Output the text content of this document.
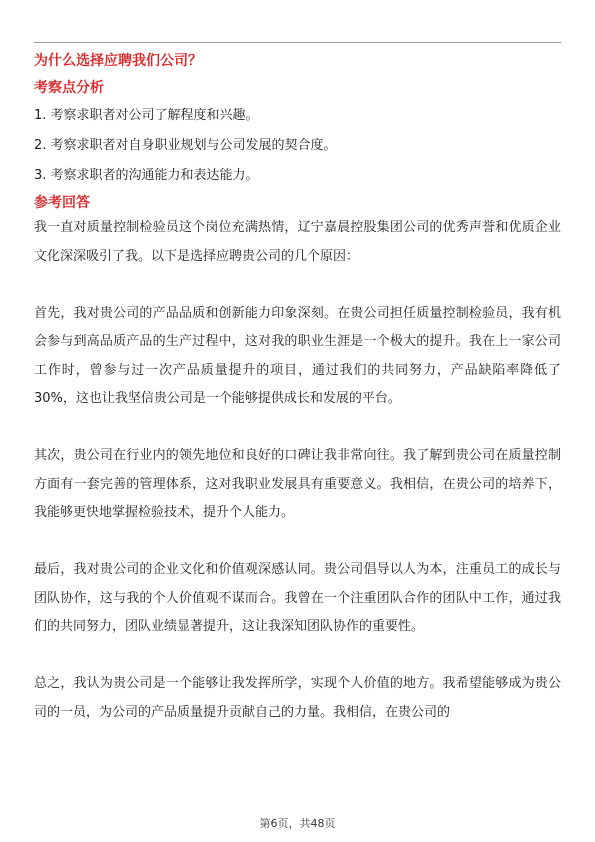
为什么选择应聘我们公司？
考察点分析
1. 考察求职者对公司了解程度和兴趣。
2. 考察求职者对自身职业规划与公司发展的契合度。
3. 考察求职者的沟通能力和表达能力。
参考回答
我一直对质量控制检验员这个岗位充满热情，辽宁嘉晨控股集团公司的优秀声誉和优质企业文化深深吸引了我。以下是选择应聘贵公司的几个原因：
首先，我对贵公司的产品品质和创新能力印象深刻。在贵公司担任质量控制检验员，我有机会参与到高品质产品的生产过程中，这对我的职业生涯是一个极大的提升。我在上一家公司工作时，曾参与过一次产品质量提升的项目，通过我们的共同努力，产品缺陷率降低了30%，这也让我坚信贵公司是一个能够提供成长和发展的平台。
其次，贵公司在行业内的领先地位和良好的口碑让我非常向往。我了解到贵公司在质量控制方面有一套完善的管理体系，这对我职业发展具有重要意义。我相信，在贵公司的培养下，我能够更快地掌握检验技术，提升个人能力。
最后，我对贵公司的企业文化和价值观深感认同。贵公司倡导以人为本，注重员工的成长与团队协作，这与我的个人价值观不谋而合。我曾在一个注重团队合作的团队中工作，通过我们的共同努力，团队业绩显著提升，这让我深知团队协作的重要性。
总之，我认为贵公司是一个能够让我发挥所学，实现个人价值的地方。我希望能够成为贵公司的一员，为公司的产品质量提升贡献自己的力量。我相信，在贵公司的
第6页，共48页
